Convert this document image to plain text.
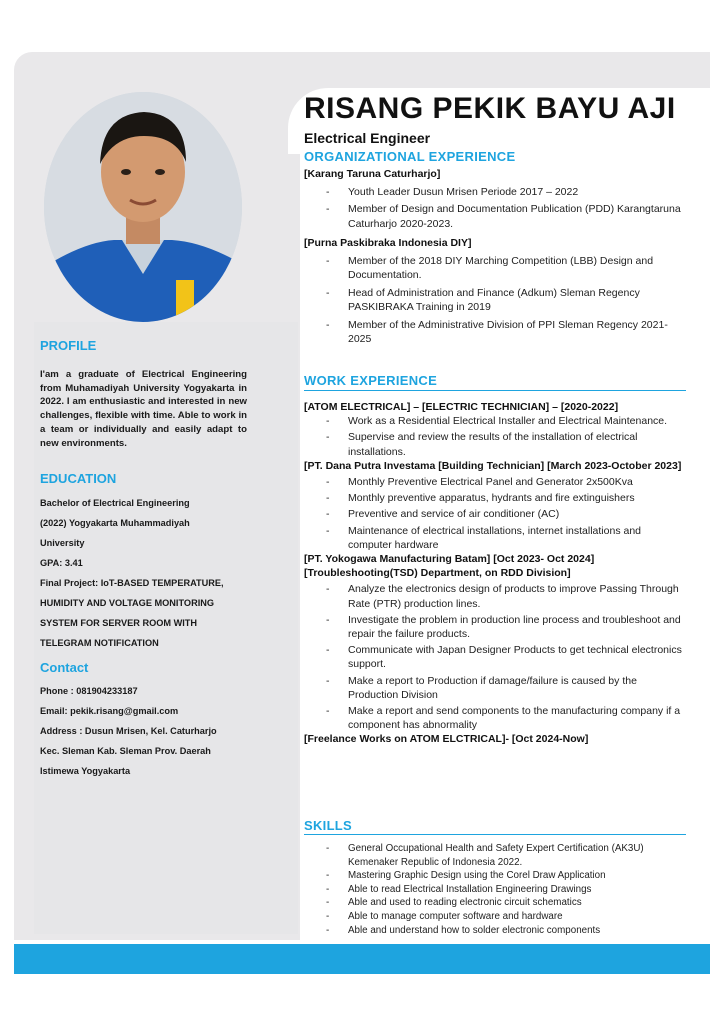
RISANG PEKIK BAYU AJI
Electrical Engineer
ORGANIZATIONAL EXPERIENCE
[Karang Taruna Caturharjo]
- Youth Leader Dusun Mrisen Periode 2017 – 2022
- Member of Design and Documentation Publication (PDD) Karangtaruna Caturharjo 2020-2023.
[Purna Paskibraka Indonesia DIY]
- Member of the 2018 DIY Marching Competition (LBB) Design and Documentation.
- Head of Administration and Finance (Adkum) Sleman Regency PASKIBRAKA Training in 2019
- Member of the Administrative Division of PPI Sleman Regency 2021-2025
WORK EXPERIENCE
[ATOM ELECTRICAL] – [ELECTRIC TECHNICIAN] – [2020-2022]
- Work as a Residential Electrical Installer and Electrical Maintenance.
- Supervise and review the results of the installation of electrical installations.
[PT. Dana Putra Investama [Building Technician] [March 2023-October 2023]
- Monthly Preventive Electrical Panel and Generator 2x500Kva
- Monthly preventive apparatus, hydrants and fire extinguishers
- Preventive and service of air conditioner (AC)
- Maintenance of electrical installations, internet installations and computer hardware
[PT. Yokogawa Manufacturing Batam] [Oct 2023- Oct 2024] [Troubleshooting(TSD) Department, on RDD Division]
- Analyze the electronics design of products to improve Passing Through Rate (PTR) production lines.
- Investigate the problem in production line process and troubleshoot and repair the failure products.
- Communicate with Japan Designer Products to get technical electronics support.
- Make a report to Production if damage/failure is caused by the Production Division
- Make a report and send components to the manufacturing company if a component has abnormality
[Freelance Works on ATOM ELCTRICAL]- [Oct 2024-Now]
SKILLS
- General Occupational Health and Safety Expert Certification (AK3U) Kemenaker Republic of Indonesia 2022.
- Mastering Graphic Design using the Corel Draw Application
- Able to read Electrical Installation Engineering Drawings
- Able and used to reading electronic circuit schematics
- Able to manage computer software and hardware
- Able and understand how to solder electronic components
PROFILE
I'am a graduate of Electrical Engineering from Muhamadiyah University Yogyakarta in 2022. I am enthusiastic and interested in new challenges, flexible with time. Able to work in a team or individually and easily adapt to new environments.
EDUCATION
Bachelor of Electrical Engineering
(2022) Yogyakarta Muhammadiyah
University
GPA: 3.41
Final Project: IoT-BASED TEMPERATURE,
HUMIDITY AND VOLTAGE MONITORING
SYSTEM FOR SERVER ROOM WITH
TELEGRAM NOTIFICATION
Contact
Phone : 081904233187
Email: pekik.risang@gmail.com
Address : Dusun Mrisen, Kel. Caturharjo
Kec. Sleman Kab. Sleman Prov. Daerah
Istimewa Yogyakarta
